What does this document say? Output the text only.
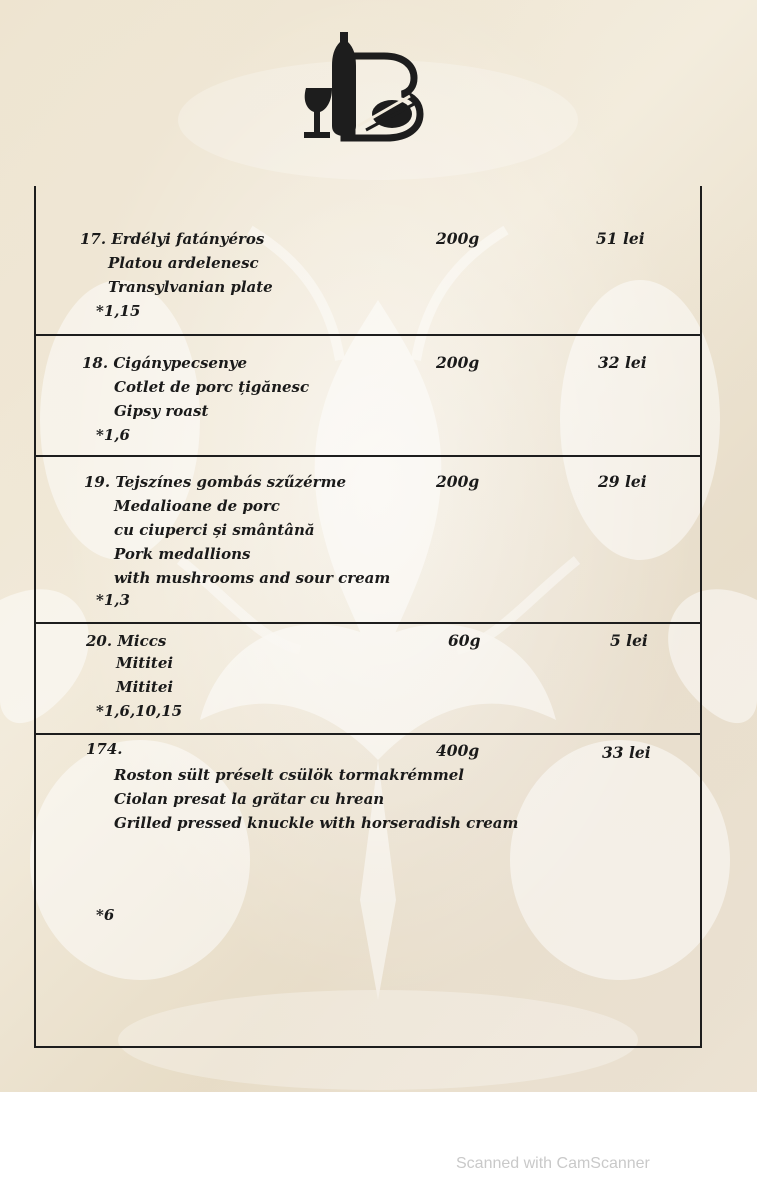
17. Erdélyi fatányéros
Platou ardelenesc
Transylvanian plate
*1,15
200g	51 lei
18. Cigánypecsenye
Cotlet de porc țigănesc
Gipsy roast
*1,6
200g	32 lei
19. Tejszínes gombás szűzérme
Medalioane de porc
cu ciuperci și smântână
Pork medallions
with mushrooms and sour cream
*1,3
200g	29 lei
20. Miccs
Mititei
Mititei
*1,6,10,15
60g	5 lei
174.
Roston sült préselt csülök tormakrémmel
Ciolan presat la grătar cu hrean
Grilled pressed knuckle with horseradish cream
*6
400g	33 lei
Scanned with CamScanner
